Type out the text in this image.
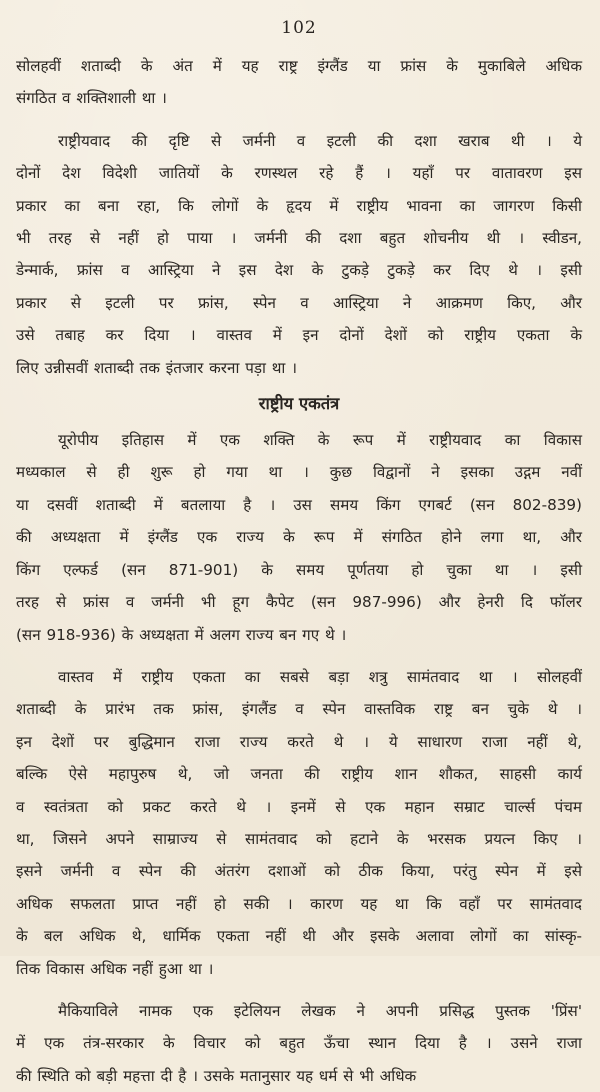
102
सोलहवीं शताब्दी के अंत में यह राष्ट्र इंग्लैंड या फ्रांस के मुकाबिले अधिक
संगठित व शक्तिशाली था ।
राष्ट्रीयवाद की दृष्टि से जर्मनी व इटली की दशा खराब थी । ये
दोनों देश विदेशी जातियों के रणस्थल रहे हैं । यहाँ पर वातावरण इस
प्रकार का बना रहा, कि लोगों के हृदय में राष्ट्रीय भावना का जागरण किसी
भी तरह से नहीं हो पाया । जर्मनी की दशा बहुत शोचनीय थी । स्वीडन,
डेन्मार्क, फ्रांस व आस्ट्रिया ने इस देश के टुकड़े टुकड़े कर दिए थे । इसी
प्रकार से इटली पर फ्रांस, स्पेन व आस्ट्रिया ने आक्रमण किए, और
उसे तबाह कर दिया । वास्तव में इन दोनों देशों को राष्ट्रीय एकता के
लिए उन्नीसवीं शताब्दी तक इंतजार करना पड़ा था ।
राष्ट्रीय एकतंत्र
यूरोपीय इतिहास में एक शक्ति के रूप में राष्ट्रीयवाद का विकास
मध्यकाल से ही शुरू हो गया था । कुछ विद्वानों ने इसका उद्गम नवीं
या दसवीं शताब्दी में बतलाया है । उस समय किंग एगबर्ट (सन 802-839)
की अध्यक्षता में इंग्लैंड एक राज्य के रूप में संगठित होने लगा था, और
किंग एल्फर्ड (सन 871-901) के समय पूर्णतया हो चुका था । इसी
तरह से फ्रांस व जर्मनी भी हूग कैपेट (सन 987-996) और हेनरी दि फॉलर
(सन 918-936) के अध्यक्षता में अलग राज्य बन गए थे ।
वास्तव में राष्ट्रीय एकता का सबसे बड़ा शत्रु सामंतवाद था । सोलहवीं
शताब्दी के प्रारंभ तक फ्रांस, इंगलैंड व स्पेन वास्तविक राष्ट्र बन चुके थे ।
इन देशों पर बुद्धिमान राजा राज्य करते थे । ये साधारण राजा नहीं थे,
बल्कि ऐसे महापुरुष थे, जो जनता की राष्ट्रीय शान शौकत, साहसी कार्य
व स्वतंत्रता को प्रकट करते थे । इनमें से एक महान सम्राट चार्ल्स पंचम
था, जिसने अपने साम्राज्य से सामंतवाद को हटाने के भरसक प्रयत्न किए ।
इसने जर्मनी व स्पेन की अंतरंग दशाओं को ठीक किया, परंतु स्पेन में इसे
अधिक सफलता प्राप्त नहीं हो सकी । कारण यह था कि वहाँ पर सामंतवाद
के बल अधिक थे, धार्मिक एकता नहीं थी और इसके अलावा लोगों का सांस्कृ-
तिक विकास अधिक नहीं हुआ था ।
मैकियाविले नामक एक इटेलियन लेखक ने अपनी प्रसिद्ध पुस्तक 'प्रिंस'
में एक तंत्र-सरकार के विचार को बहुत ऊँचा स्थान दिया है । उसने राजा
की स्थिति को बड़ी महत्ता दी है । उसके मतानुसार यह धर्म से भी अधिक
